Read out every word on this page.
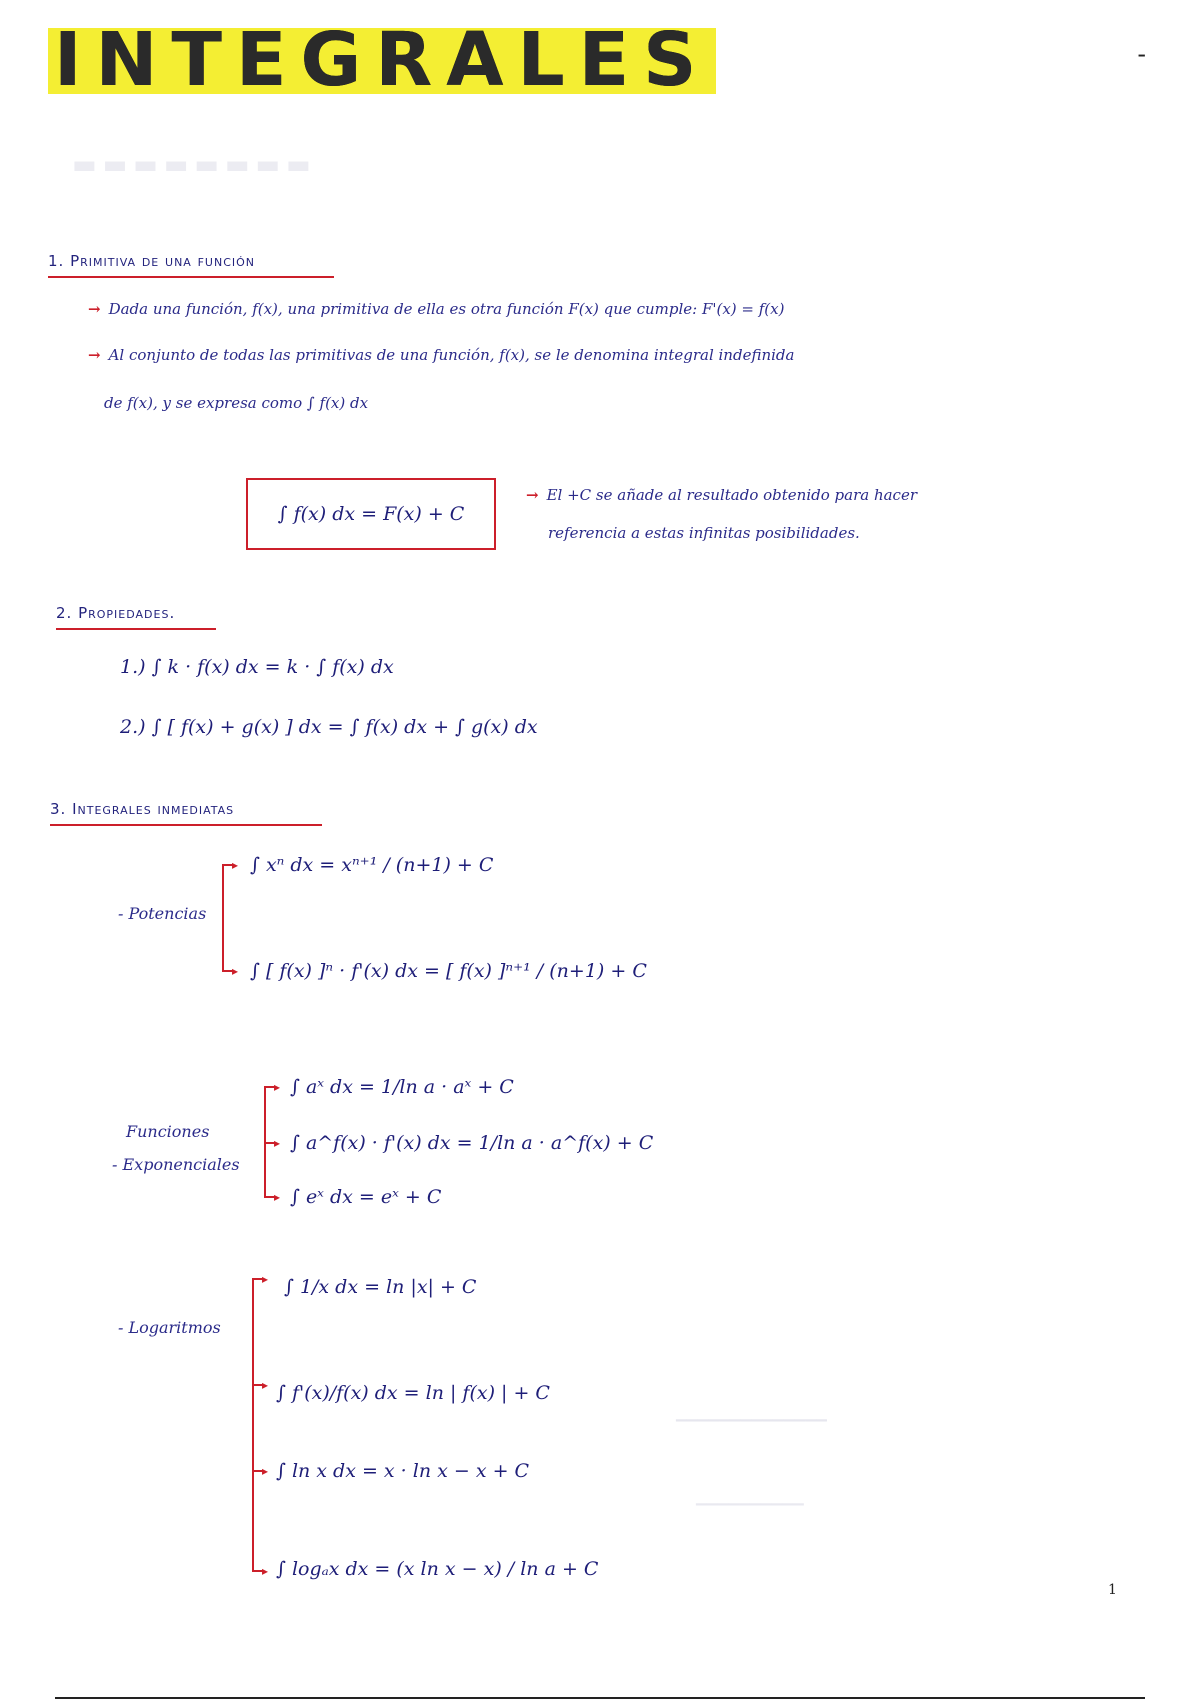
INTEGRALES	-
▬▬▬▬▬▬▬▬
1. Primitiva de una función
→ Dada una función, f(x), una primitiva de ella es otra función F(x) que cumple: F'(x) = f(x)
→ Al conjunto de todas las primitivas de una función, f(x), se le denomina integral indefinida
de f(x), y se expresa como ∫ f(x) dx
∫ f(x) dx = F(x) + C
→ El +C se añade al resultado obtenido para hacer
referencia a estas infinitas posibilidades.
2. Propiedades.
1.) ∫ k · f(x) dx = k · ∫ f(x) dx
2.) ∫ [ f(x) + g(x) ] dx = ∫ f(x) dx + ∫ g(x) dx
3. Integrales inmediatas
- Potencias
▸
▸
∫ xⁿ dx = xⁿ⁺¹ / (n+1) + C
∫ [ f(x) ]ⁿ · f'(x) dx = [ f(x) ]ⁿ⁺¹ / (n+1) + C
Funciones
- Exponenciales
▸
▸
▸
∫ aˣ dx = 1/ln a · aˣ + C
∫ a^f(x) · f'(x) dx = 1/ln a · a^f(x) + C
∫ eˣ dx = eˣ + C
- Logaritmos
▸
▸
▸
▸
∫ 1/x dx = ln |x| + C
∫ f'(x)/f(x) dx = ln | f(x) | + C
∫ ln x dx = x · ln x − x + C
∫ logₐx dx = (x ln x − x) / ln a + C
▁▁▁▁▁▁▁▁▁▁▁▁▁▁
▁▁▁▁▁▁▁▁▁▁
1
